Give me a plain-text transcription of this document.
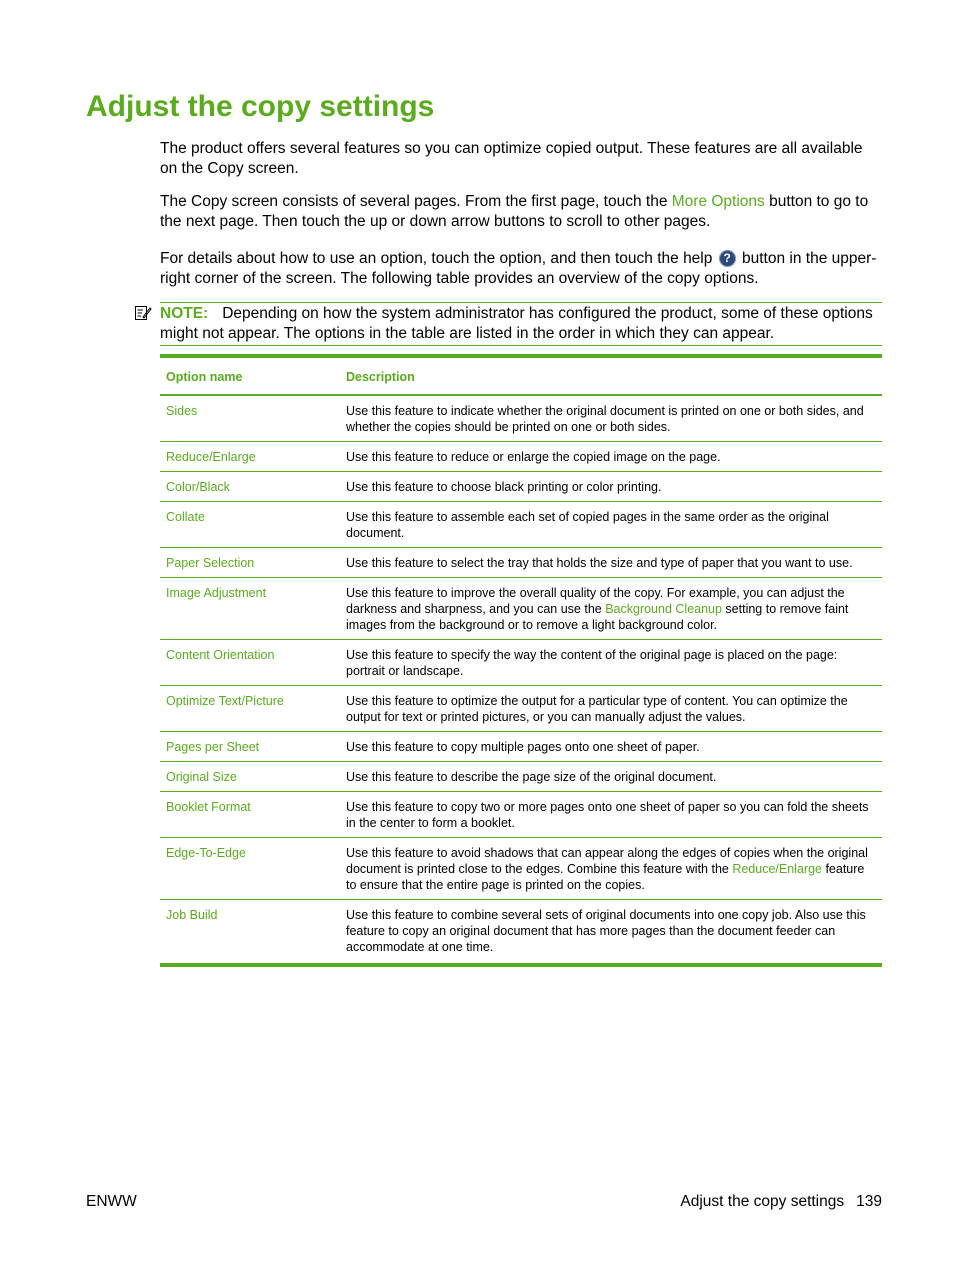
Adjust the copy settings

The product offers several features so you can optimize copied output. These features are all available on the Copy screen.

The Copy screen consists of several pages. From the first page, touch the More Options button to go to the next page. Then touch the up or down arrow buttons to scroll to other pages.

For details about how to use an option, touch the option, and then touch the help ? button in the upper-right corner of the screen. The following table provides an overview of the copy options.

NOTE: Depending on how the system administrator has configured the product, some of these options might not appear. The options in the table are listed in the order in which they can appear.
Option name	Description
Sides	Use this feature to indicate whether the original document is printed on one or both sides, and whether the copies should be printed on one or both sides.
Reduce/Enlarge	Use this feature to reduce or enlarge the copied image on the page.
Color/Black	Use this feature to choose black printing or color printing.
Collate	Use this feature to assemble each set of copied pages in the same order as the original document.
Paper Selection	Use this feature to select the tray that holds the size and type of paper that you want to use.
Image Adjustment	Use this feature to improve the overall quality of the copy. For example, you can adjust the darkness and sharpness, and you can use the Background Cleanup setting to remove faint images from the background or to remove a light background color.
Content Orientation	Use this feature to specify the way the content of the original page is placed on the page: portrait or landscape.
Optimize Text/Picture	Use this feature to optimize the output for a particular type of content. You can optimize the output for text or printed pictures, or you can manually adjust the values.
Pages per Sheet	Use this feature to copy multiple pages onto one sheet of paper.
Original Size	Use this feature to describe the page size of the original document.
Booklet Format	Use this feature to copy two or more pages onto one sheet of paper so you can fold the sheets in the center to form a booklet.
Edge-To-Edge	Use this feature to avoid shadows that can appear along the edges of copies when the original document is printed close to the edges. Combine this feature with the Reduce/Enlarge feature to ensure that the entire page is printed on the copies.
Job Build	Use this feature to combine several sets of original documents into one copy job. Also use this feature to copy an original document that has more pages than the document feeder can accommodate at one time.
ENWW	Adjust the copy settings 139
